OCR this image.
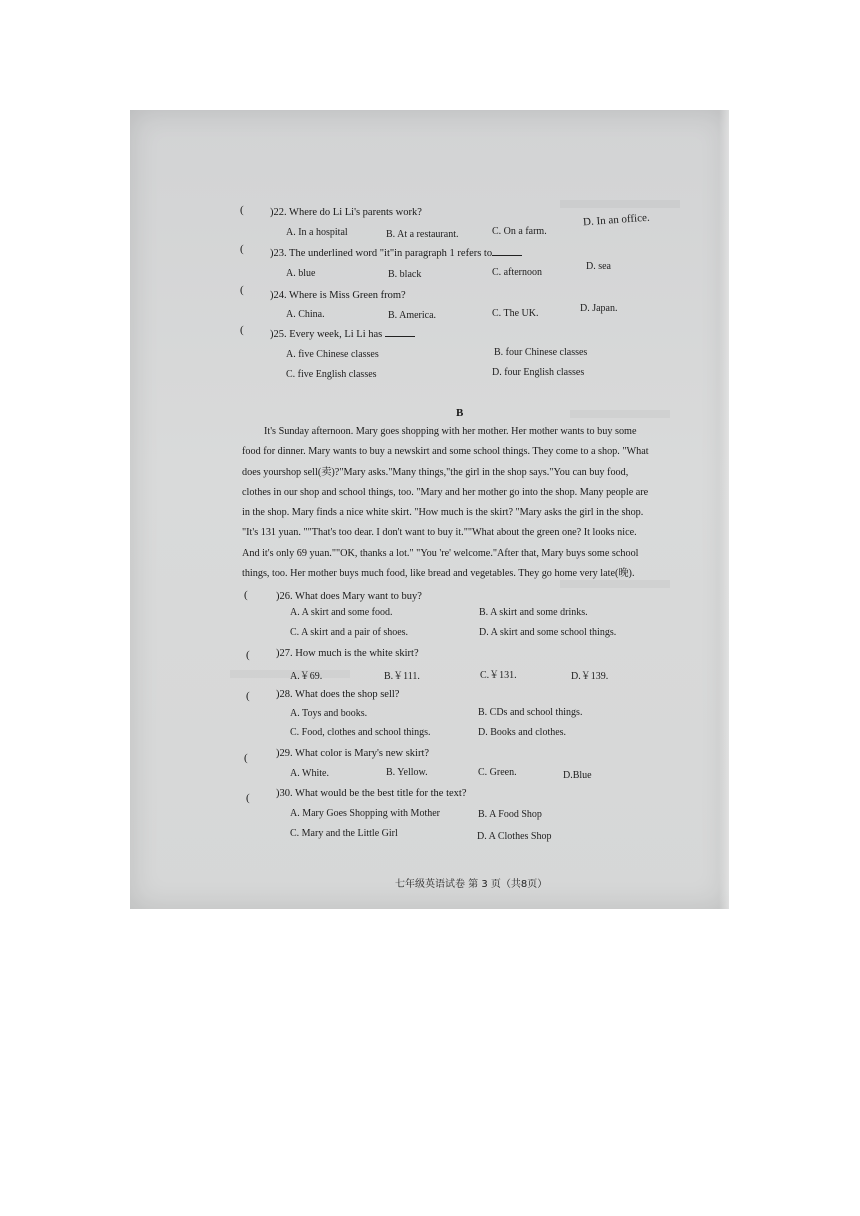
(	)22. Where do Li Li's parents work?
A. In a hospital	B. At a restaurant.	C. On a farm.
D. In an office.
(	)23. The underlined word "it"in paragraph 1 refers to
A. blue	B. black	C. afternoon
D. sea
(	)24. Where is Miss Green from?
A. China.	B. America.	C. The UK.	D. Japan.
(	)25. Every week, Li Li has
A. five Chinese classes	B. four Chinese classes
C. five English classes	D. four English classes
B
It's Sunday afternoon. Mary goes shopping with her mother. Her mother wants to buy some
food for dinner. Mary wants to buy a newskirt and some school things. They come to a shop. "What
does yourshop sell(卖)?"Mary asks."Many things,"the girl in the shop says."You can buy food,
clothes in our shop and school things, too. "Mary and her mother go into the shop. Many people are
in the shop. Mary finds a nice white skirt. "How much is the skirt? "Mary asks the girl in the shop.
"It's 131 yuan. ""That's too dear. I don't want to buy it.""What about the green one? It looks nice.
And it's only 69 yuan.""OK, thanks a lot." "You 're' welcome."After that, Mary buys some school
things, too. Her mother buys much food, like bread and vegetables. They go home very late(晚).
(	)26. What does Mary want to buy?
A. A skirt and some food.	B. A skirt and some drinks.
C. A skirt and a pair of shoes.	D. A skirt and some school things.
(	)27. How much is the white skirt?
A.￥69.	B.￥111.	C.￥131.	D.￥139.
(	)28. What does the shop sell?
A. Toys and books.	B. CDs and school things.
C. Food, clothes and school things.	D. Books and clothes.
(	)29. What color is Mary's new skirt?
A. White.	B. Yellow.	C. Green.	D.Blue
(	)30. What would be the best title for the text?
A. Mary Goes Shopping with Mother	B. A Food Shop
C. Mary and the Little Girl	D. A Clothes Shop
七年级英语试卷 第 3 页（共8页）
